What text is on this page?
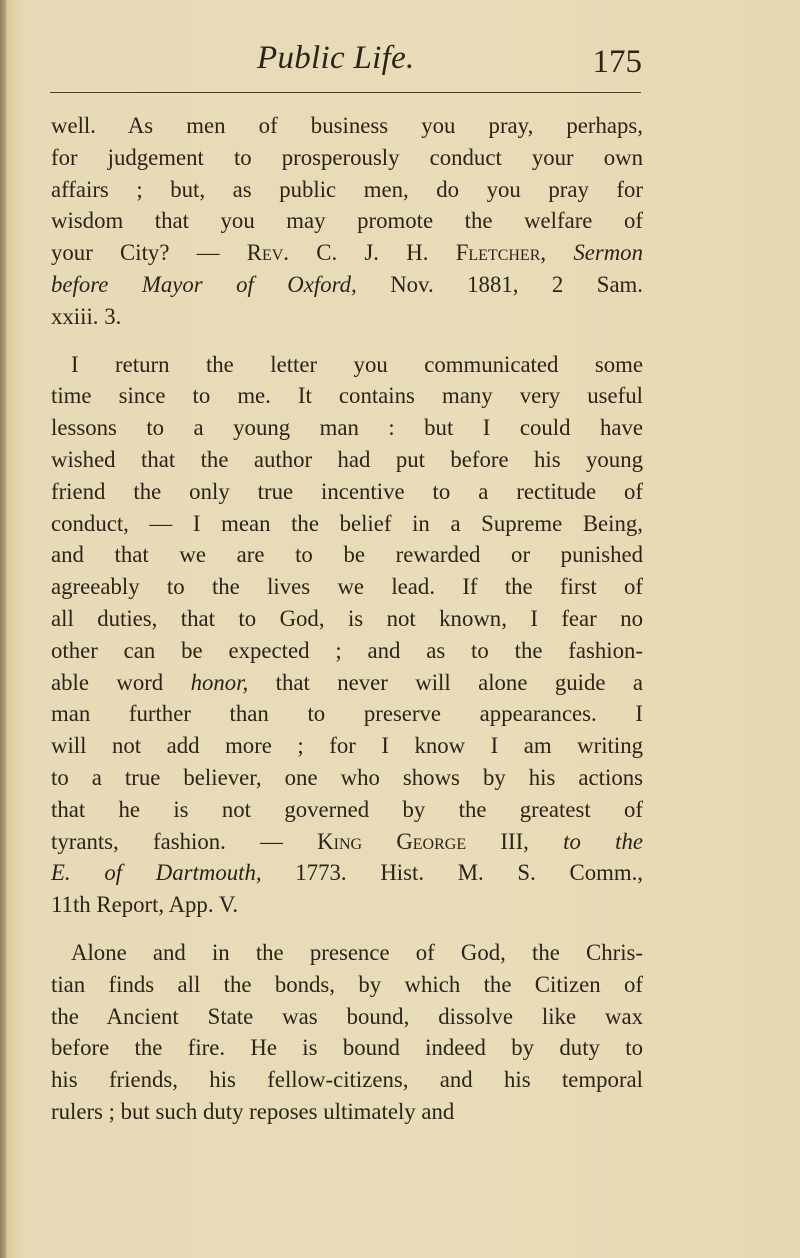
Public Life.	175
well. As men of business you pray, perhaps,
for judgement to prosperously conduct your own
affairs ; but, as public men, do you pray for
wisdom that you may promote the welfare of
your City? — Rev. C. J. H. Fletcher, Sermon
before Mayor of Oxford, Nov. 1881, 2 Sam.
xxiii. 3.
I return the letter you communicated some
time since to me. It contains many very useful
lessons to a young man : but I could have
wished that the author had put before his young
friend the only true incentive to a rectitude of
conduct, — I mean the belief in a Supreme Being,
and that we are to be rewarded or punished
agreeably to the lives we lead. If the first of
all duties, that to God, is not known, I fear no
other can be expected ; and as to the fashion-
able word honor, that never will alone guide a
man further than to preserve appearances. I
will not add more ; for I know I am writing
to a true believer, one who shows by his actions
that he is not governed by the greatest of
tyrants, fashion. — King George III, to the
E. of Dartmouth, 1773. Hist. M. S. Comm.,
11th Report, App. V.
Alone and in the presence of God, the Chris-
tian finds all the bonds, by which the Citizen of
the Ancient State was bound, dissolve like wax
before the fire. He is bound indeed by duty to
his friends, his fellow-citizens, and his temporal
rulers ; but such duty reposes ultimately and
